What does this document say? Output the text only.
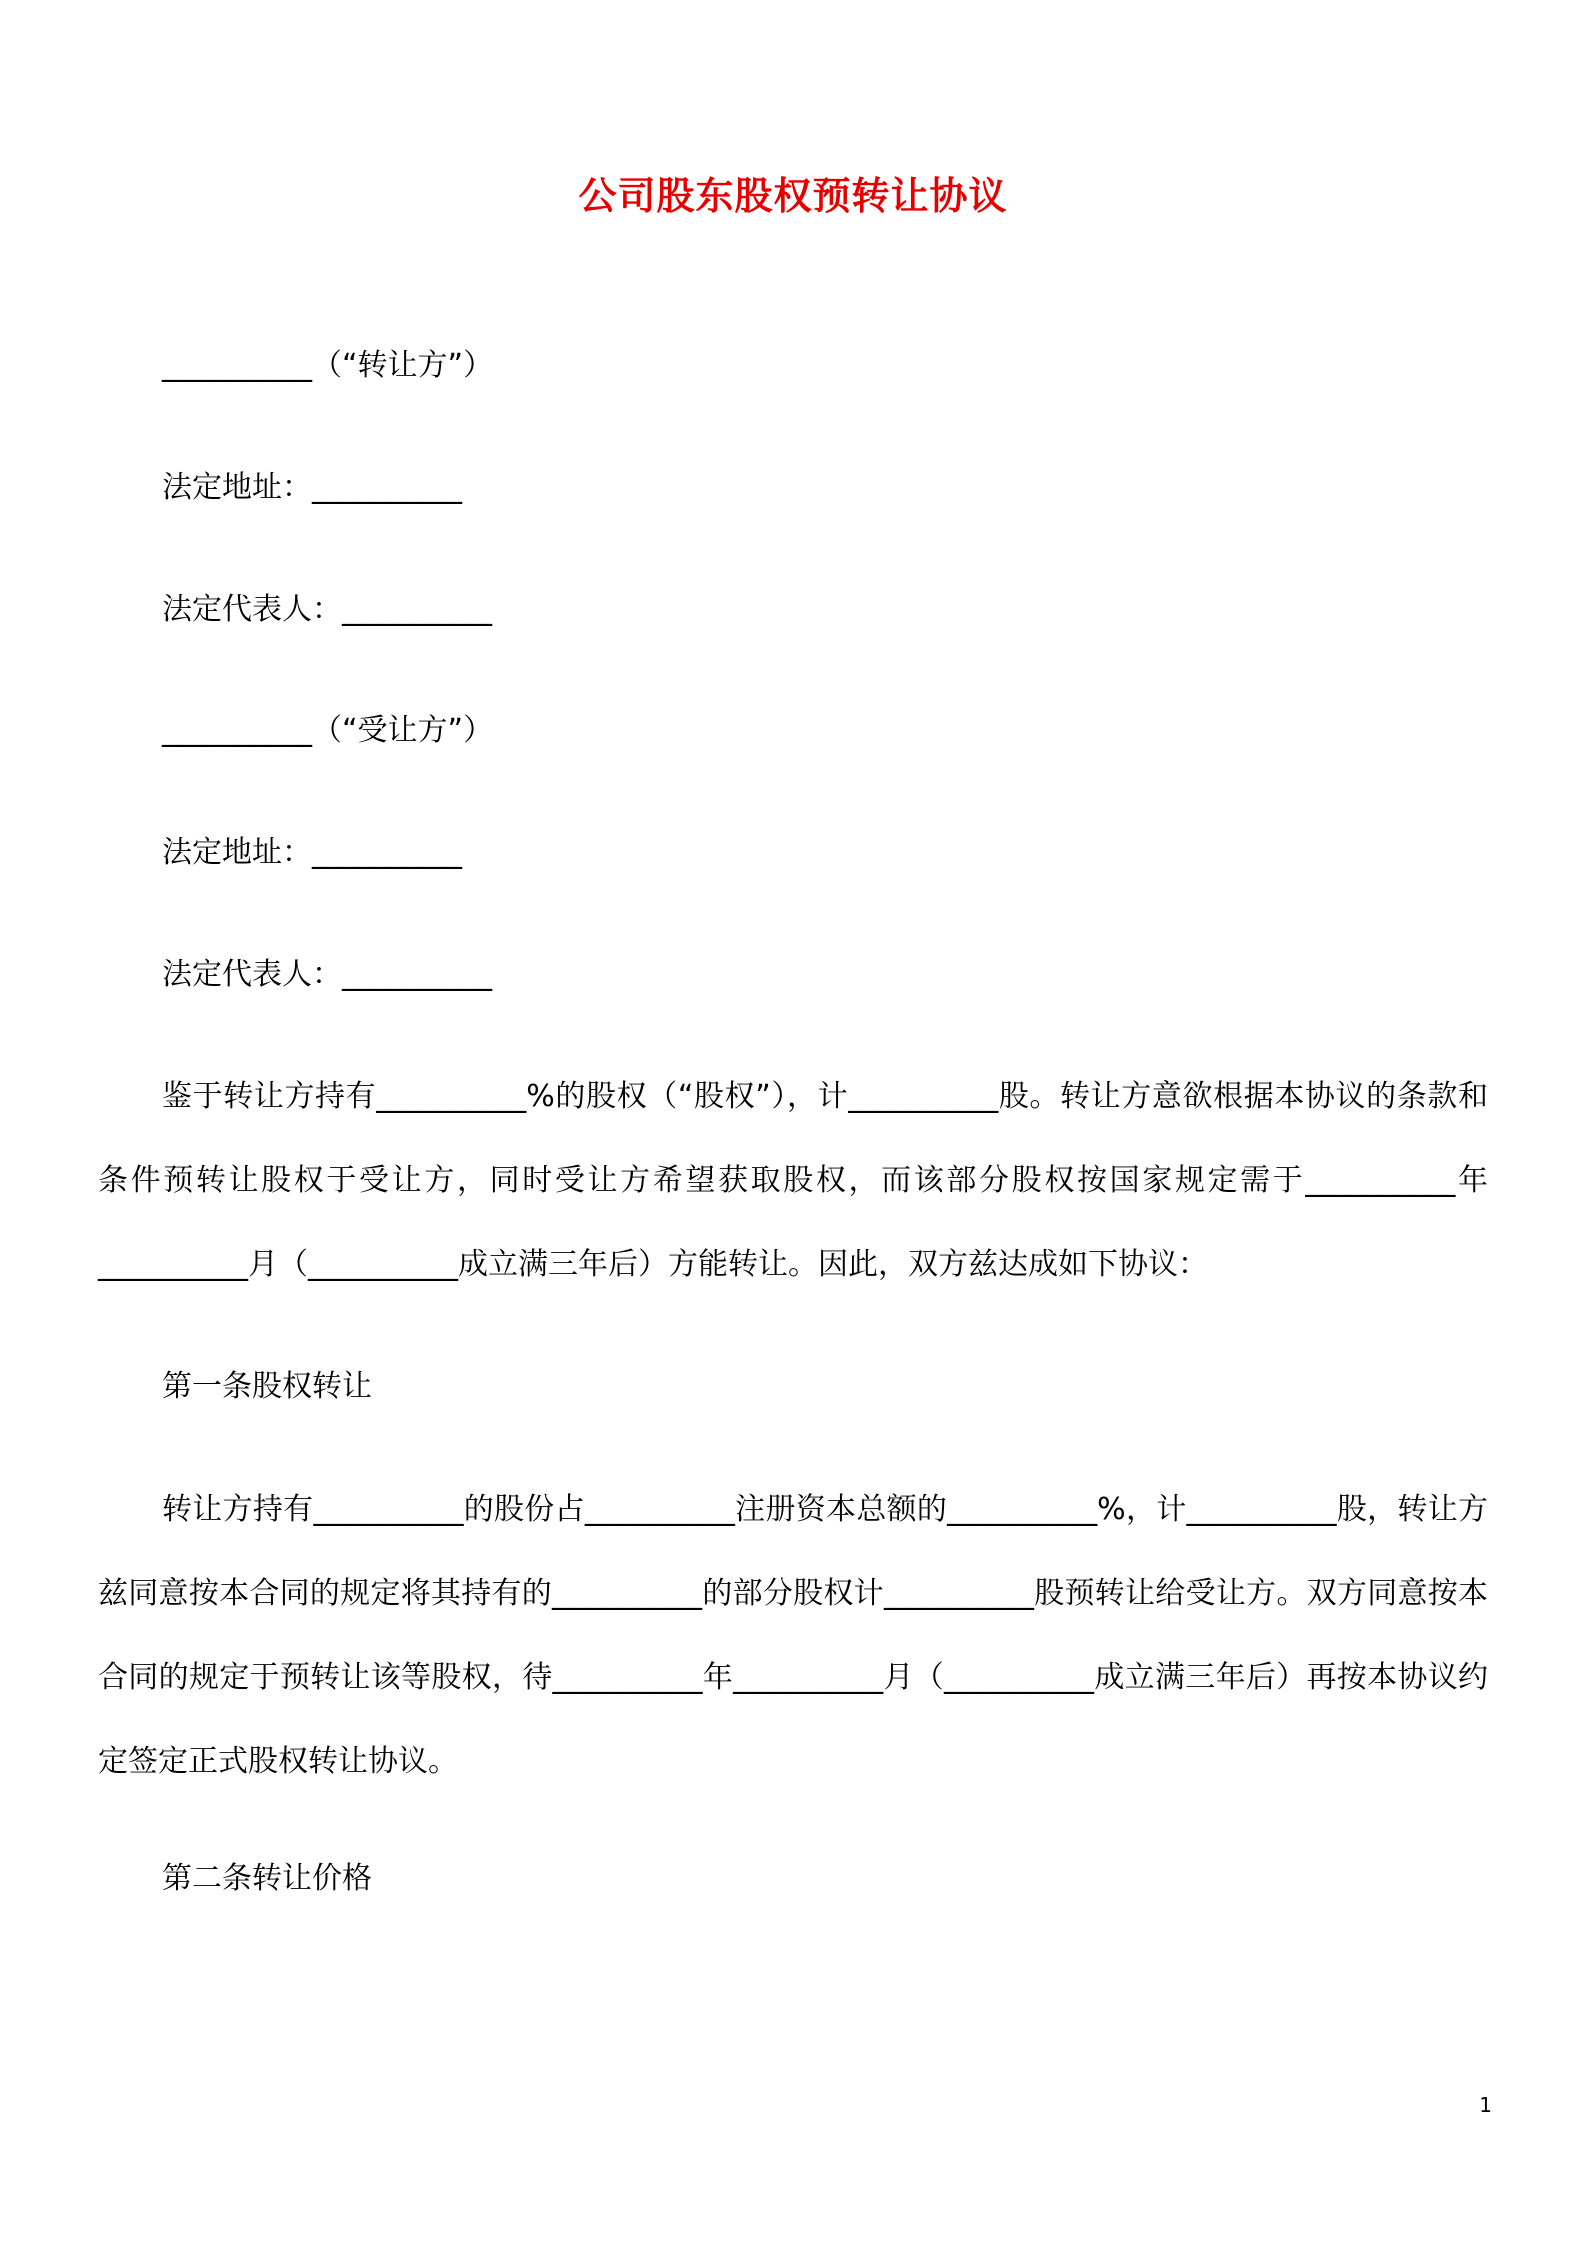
公司股东股权预转让协议
__________（“转让方”）
法定地址：__________
法定代表人：__________
__________（“受让方”）
法定地址：__________
法定代表人：__________
鉴于转让方持有__________%的股权（“股权”），计__________股。转让方意欲根据本协议的条款和条件预转让股权于受让方，同时受让方希望获取股权，而该部分股权按国家规定需于__________年__________月（__________成立满三年后）方能转让。因此，双方兹达成如下协议：
第一条股权转让
转让方持有__________的股份占__________注册资本总额的__________%，计__________股，转让方兹同意按本合同的规定将其持有的__________的部分股权计__________股预转让给受让方。双方同意按本合同的规定于预转让该等股权，待__________年__________月（__________成立满三年后）再按本协议约定签定正式股权转让协议。
第二条转让价格
1
